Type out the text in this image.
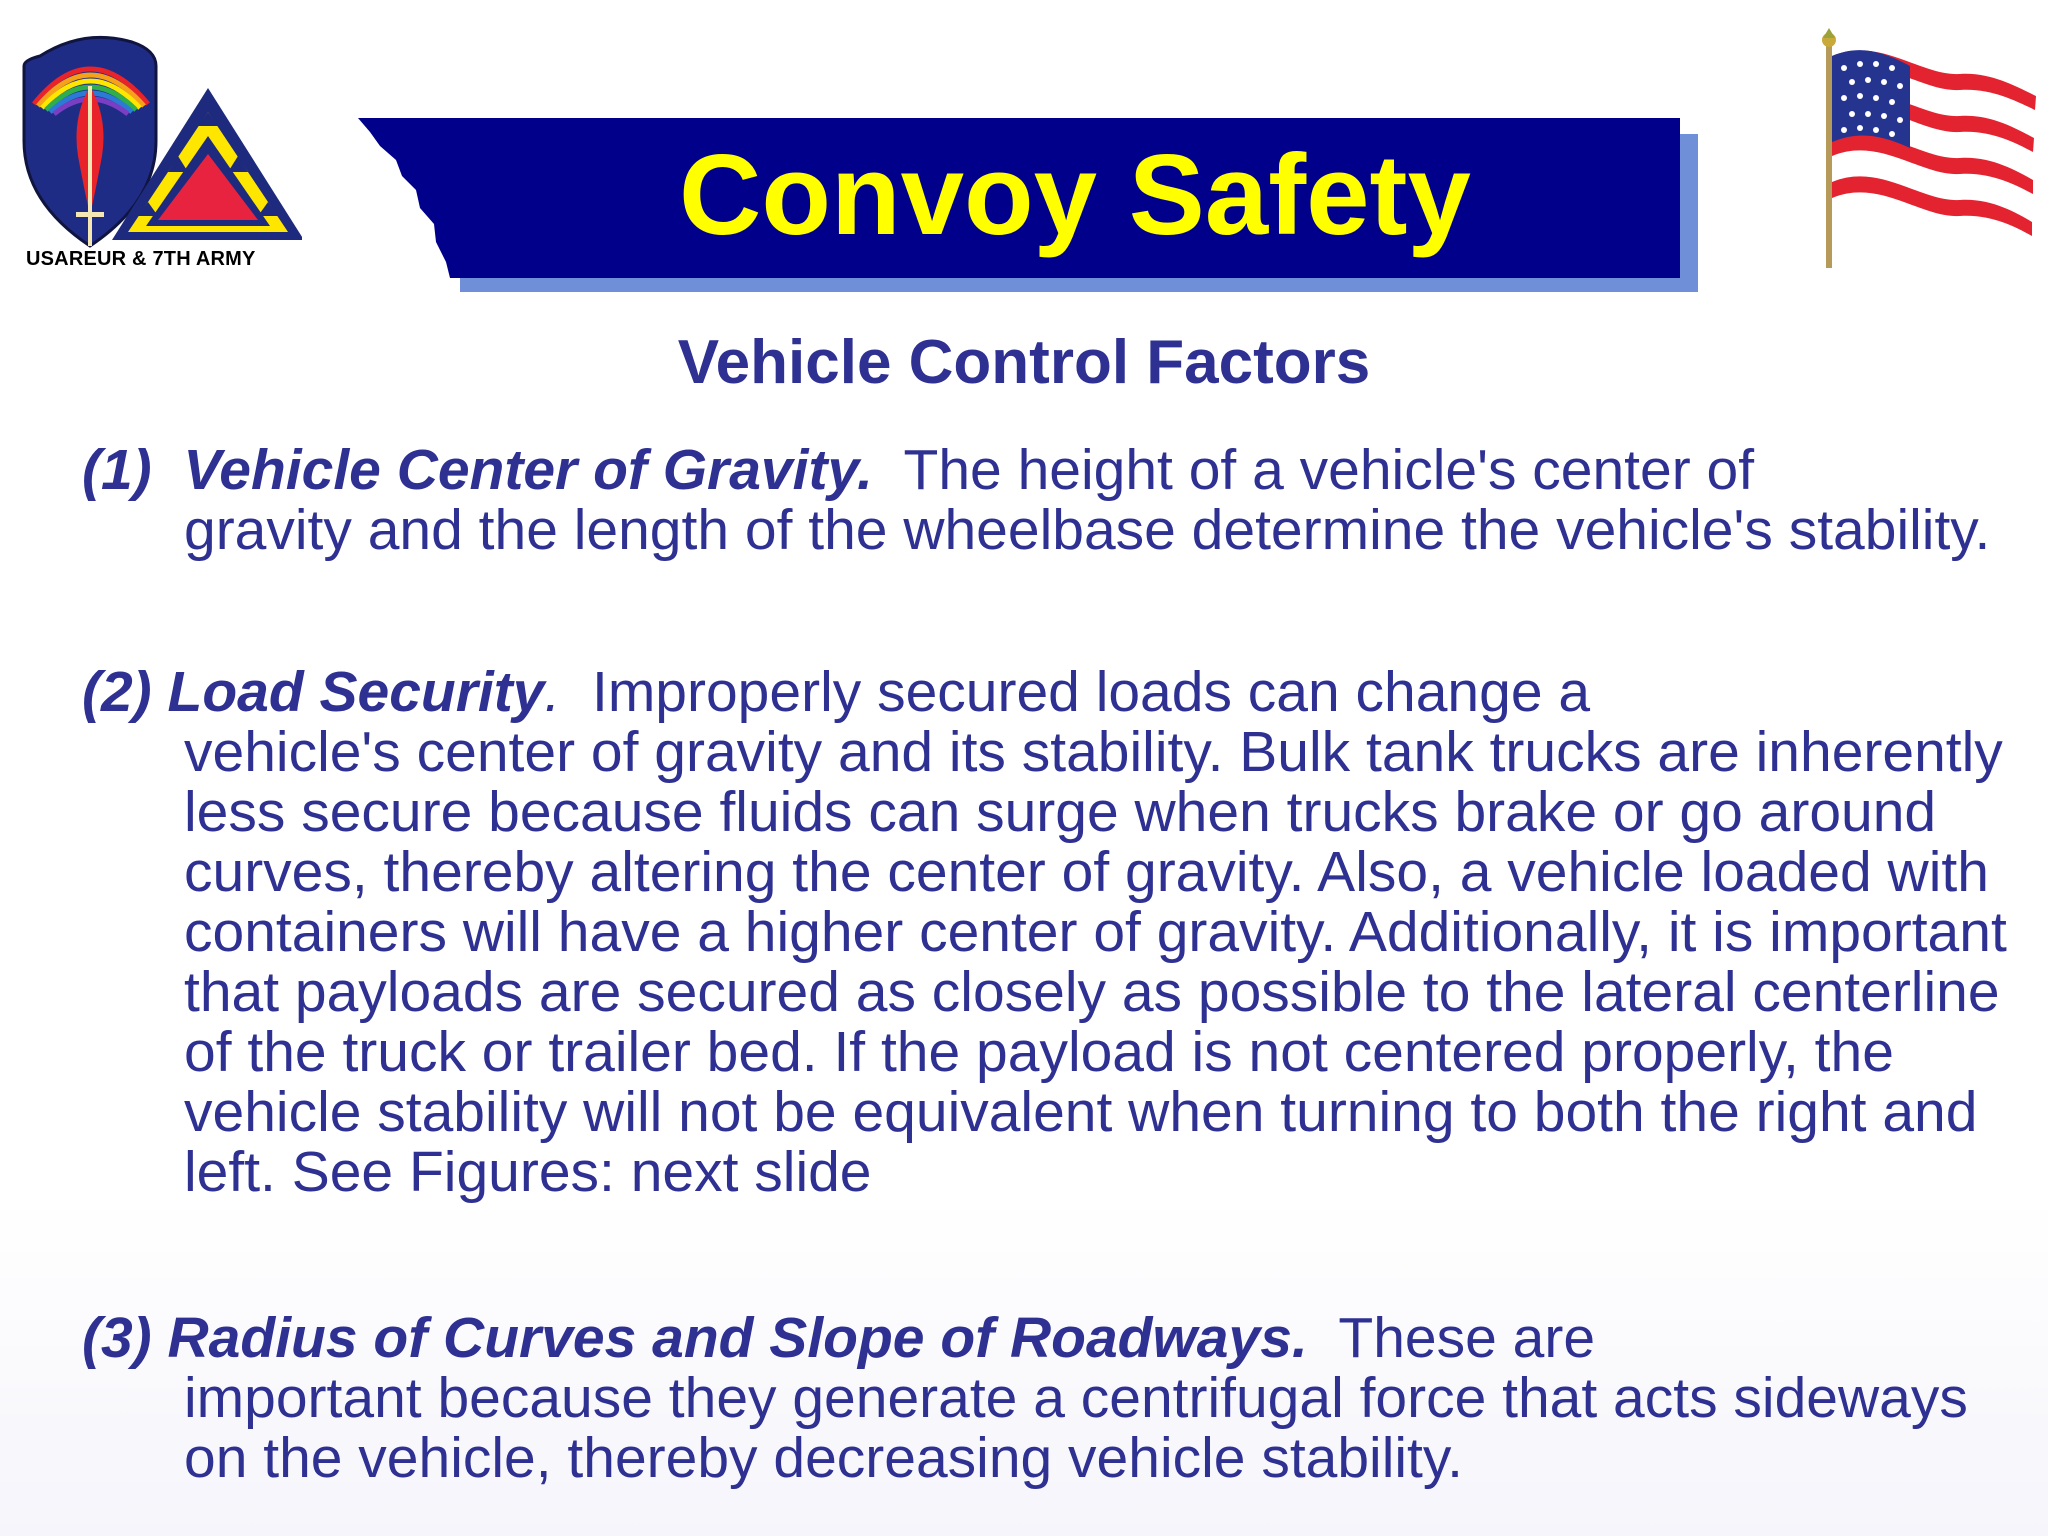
USAREUR & 7TH ARMY	Convoy Safety
Vehicle Control Factors
(1) Vehicle Center of Gravity. The height of a vehicle's center of
gravity and the length of the wheelbase determine the vehicle's stability.
(2) Load Security. Improperly secured loads can change a
vehicle's center of gravity and its stability. Bulk tank trucks are inherently less secure because fluids can surge when trucks brake or go around curves, thereby altering the center of gravity. Also, a vehicle loaded with containers will have a higher center of gravity. Additionally, it is important that payloads are secured as closely as possible to the lateral centerline of the truck or trailer bed. If the payload is not centered properly, the vehicle stability will not be equivalent when turning to both the right and left. See Figures: next slide
(3) Radius of Curves and Slope of Roadways. These are
important because they generate a centrifugal force that acts sideways on the vehicle, thereby decreasing vehicle stability.
